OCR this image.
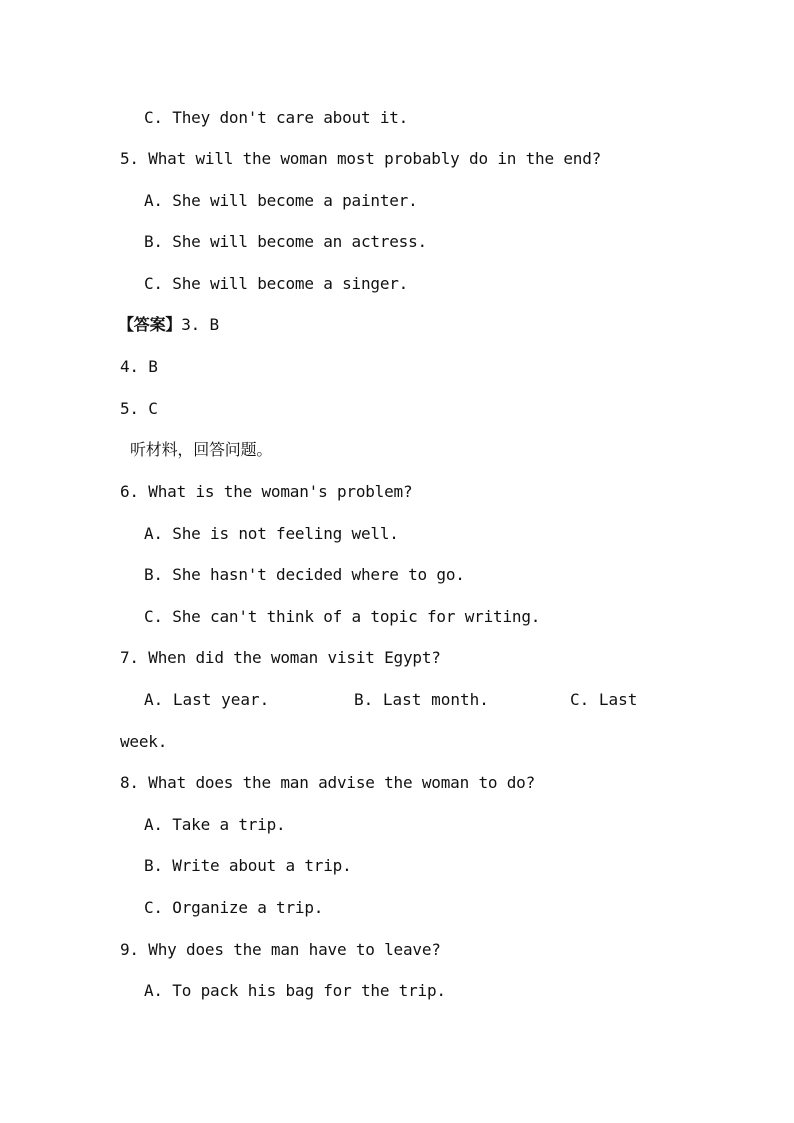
C. They don't care about it.
5. What will the woman most probably do in the end?
A. She will become a painter.
B. She will become an actress.
C. She will become a singer.
【答案】3. B
4. B
5. C
听材料，回答问题。
6. What is the woman's problem?
A. She is not feeling well.
B. She hasn't decided where to go.
C. She can't think of a topic for writing.
7. When did the woman visit Egypt?
A. Last year.	B. Last month.	C. Last
week.
8. What does the man advise the woman to do?
A. Take a trip.
B. Write about a trip.
C. Organize a trip.
9. Why does the man have to leave?
A. To pack his bag for the trip.
